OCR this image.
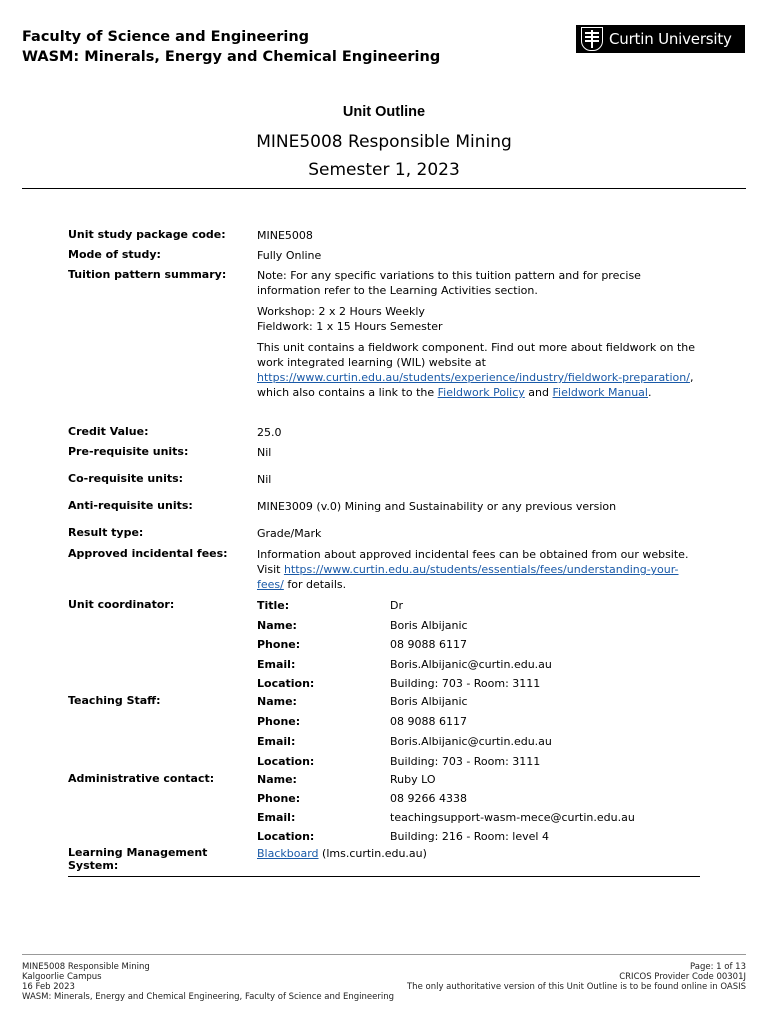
Faculty of Science and Engineering
WASM: Minerals, Energy and Chemical Engineering
Curtin University
Unit Outline
MINE5008 Responsible Mining
Semester 1, 2023
Unit study package code:	MINE5008
Mode of study:	Fully Online
Tuition pattern summary:	Note: For any specific variations to this tuition pattern and for precise information refer to the Learning Activities section.

Workshop: 2 x 2 Hours Weekly
Fieldwork: 1 x 15 Hours Semester

This unit contains a fieldwork component. Find out more about fieldwork on the work integrated learning (WIL) website at https://www.curtin.edu.au/students/experience/industry/fieldwork-preparation/, which also contains a link to the Fieldwork Policy and Fieldwork Manual.

Credit Value:	25.0
Pre-requisite units:	Nil
Co-requisite units:	Nil
Anti-requisite units:	MINE3009 (v.0) Mining and Sustainability or any previous version
Result type:	Grade/Mark
Approved incidental fees:	Information about approved incidental fees can be obtained from our website. Visit https://www.curtin.edu.au/students/essentials/fees/understanding-your-fees/ for details.
Unit coordinator:	Title:	Dr
Name:	Boris Albijanic
Phone:	08 9088 6117
Email:	Boris.Albijanic@curtin.edu.au
Location:	Building: 703 - Room: 3111
Teaching Staff:	Name:	Boris Albijanic
Phone:	08 9088 6117
Email:	Boris.Albijanic@curtin.edu.au
Location:	Building: 703 - Room: 3111
Administrative contact:	Name:	Ruby LO
Phone:	08 9266 4338
Email:	teachingsupport-wasm-mece@curtin.edu.au
Location:	Building: 216 - Room: level 4
Learning Management System:
Blackboard (lms.curtin.edu.au)
MINE5008 Responsible Mining
Kalgoorlie Campus
16 Feb 2023
WASM: Minerals, Energy and Chemical Engineering, Faculty of Science and Engineering
Page: 1 of 13
CRICOS Provider Code 00301J
The only authoritative version of this Unit Outline is to be found online in OASIS
